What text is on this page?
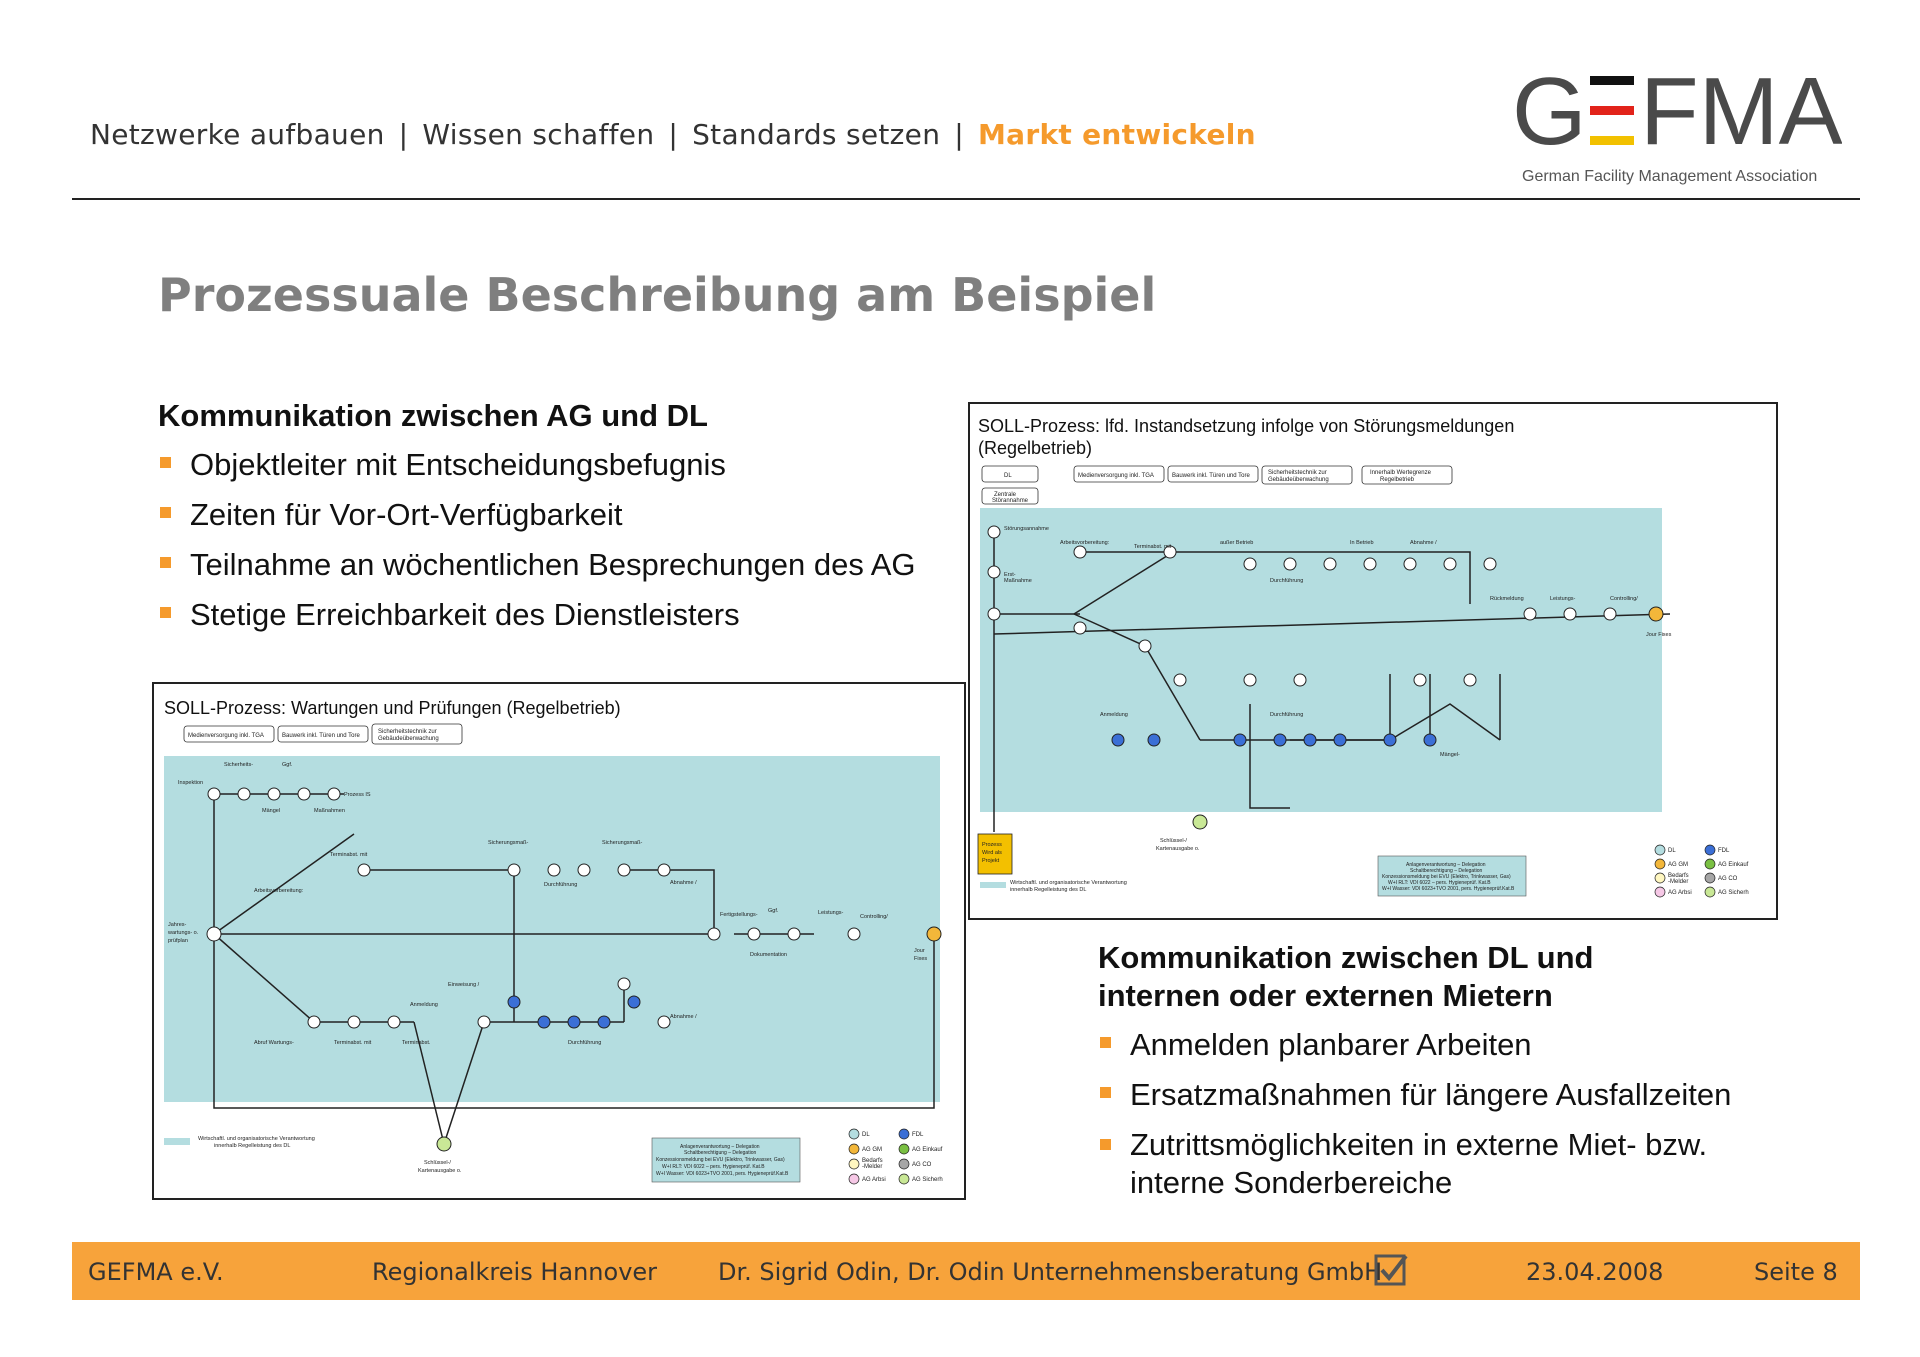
Netzwerke aufbauen | Wissen schaffen | Standards setzen | Markt entwickeln	G FMA
German Facility Management Association
Prozessuale Beschreibung am Beispiel
Kommunikation zwischen AG und DL
Objektleiter mit Entscheidungsbefugnis
Zeiten für Vor-Ort-Verfügbarkeit
Teilnahme an wöchentlichen Besprechungen des AG
Stetige Erreichbarkeit des Dienstleisters
SOLL-Prozess: lfd. Instandsetzung infolge von Störungsmeldungen
(Regelbetrieb)
DL
Zentrale
Störannahme
Medienversorgung inkl. TGA	Bauwerk inkl. Türen und Tore	Sicherheitstechnik zur
Gebäudeüberwachung
Innerhalb Wertegrenze
Regelbetrieb
Störungsannahme
Erst-
Maßnahme
Arbeitsvorbereitung:
Terminabst. mit
außer Betrieb
Durchführung
In Betrieb	Abnahme /
Rückmeldung	Leistungs-	Controlling/
Jour Fixes
Prozess
Wird als
Projekt
Schlüssel-/
Kartenausgabe o.
Mängel-
Anmeldung	Durchführung
Wirtschaftl. und organisatorische Verantwortung
innerhalb Regelleistung des DL
Anlagenverantwortung – Delegation
Schaltberechtigung – Delegation
Konzessionsmeldung bei EVU (Elektro, Trinkwasser, Gas)
W+I RLT: VDI 6022 – pers. Hygieneprüf. Kat.B
W+I Wasser: VDI 6023+TVO 2001, pers. Hygieneprüf.Kat.B
DL
AG GM
Bedarfs
-Melder
AG Arbsi
FDL
AG Einkauf
AG CO
AG Sicherh
SOLL-Prozess: Wartungen und Prüfungen (Regelbetrieb)
Medienversorgung inkl. TGA	Bauwerk inkl. Türen und Tore
Sicherheitstechnik zur
Gebäudeüberwachung
Inspektion
Sicherheits-	Ggf.
Prozess IS
Mängel	Maßnahmen
Jahres-
wartungs- o.
prüfplan
Terminabst. mit
Arbeitsvorbereitung:
Sicherungsmaß-
Durchführung
Sicherungsmaß-
Abnahme /
Fertigstellungs-
Ggf.	Leistungs-
Controlling/
Jour
Fixes
Dokumentation
Abruf Wartungs-	Terminabst. mit	Terminabst.
Anmeldung
Einweisung /
Durchführung
Abnahme /
Schlüssel-/
Kartenausgabe o.
Wirtschaftl. und organisatorische Verantwortung
innerhalb Regelleistung des DL	Anlagenverantwortung – Delegation
Schaltberechtigung – Delegation
Konzessionsmeldung bei EVU (Elektro, Trinkwasser, Gas)
W+I RLT: VDI 6022 – pers. Hygieneprüf. Kat.B
W+I Wasser: VDI 6023+TVO 2001, pers. Hygieneprüf.Kat.B
DL
AG GM
Bedarfs
-Melder
AG Arbsi
FDL
AG Einkauf
AG CO
AG Sicherh
Kommunikation zwischen DL und
internen oder externen Mietern
Anmelden planbarer Arbeiten
Ersatzmaßnahmen für längere Ausfallzeiten
Zutrittsmöglichkeiten in externe Miet- bzw.
interne Sonderbereiche
GEFMA e.V.	Regionalkreis Hannover	Dr. Sigrid Odin, Dr. Odin Unternehmensberatung GmbH	23.04.2008	Seite 8
